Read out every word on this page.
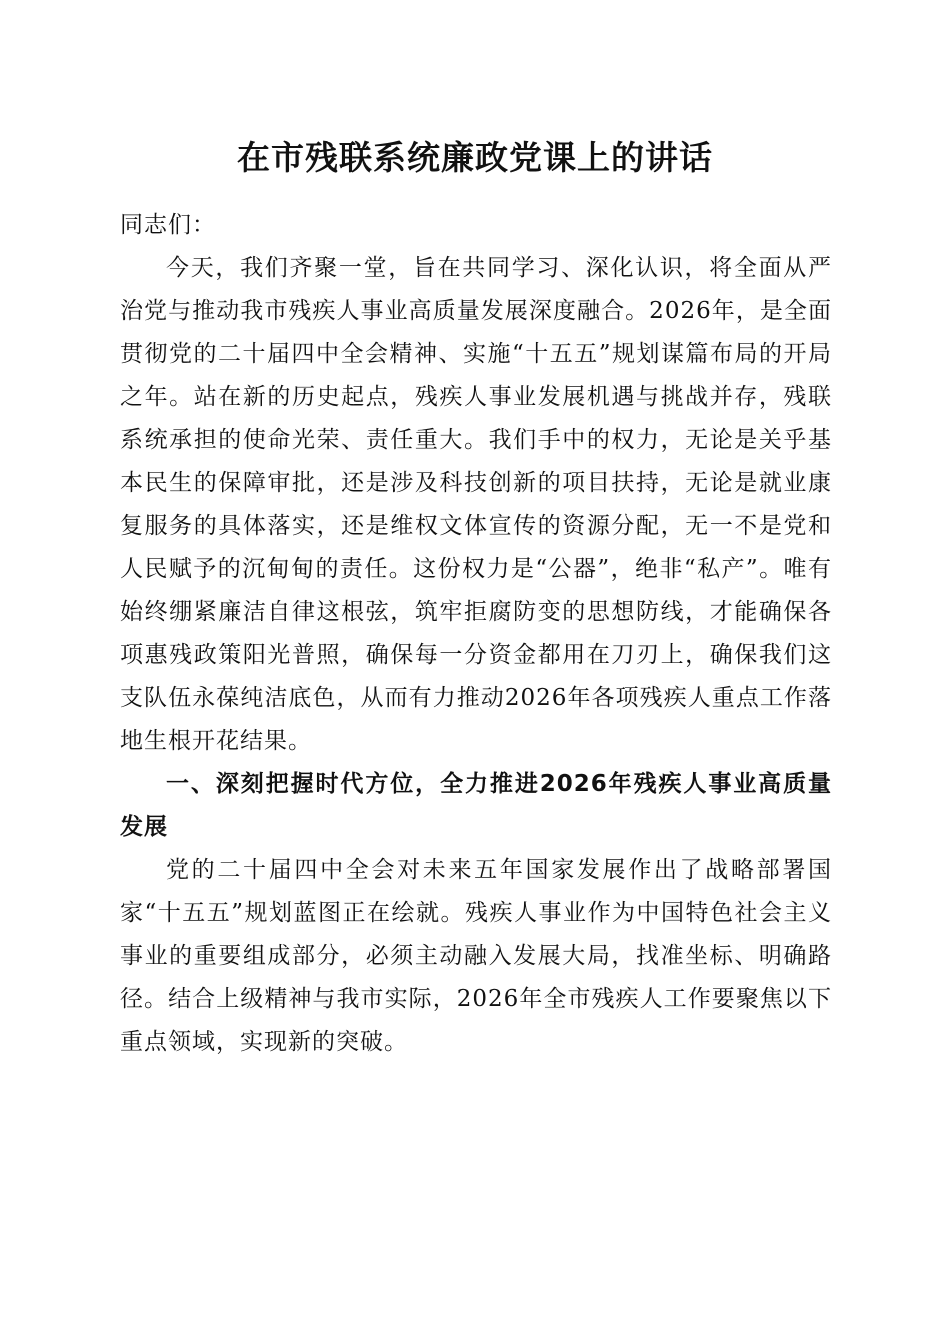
在市残联系统廉政党课上的讲话

同志们：

今天，我们齐聚一堂，旨在共同学习、深化认识，将全面从严治党与推动我市残疾人事业高质量发展深度融合。2026年，是全面贯彻党的二十届四中全会精神、实施“十五五”规划谋篇布局的开局之年。站在新的历史起点，残疾人事业发展机遇与挑战并存，残联系统承担的使命光荣、责任重大。我们手中的权力，无论是关乎基本民生的保障审批，还是涉及科技创新的项目扶持，无论是就业康复服务的具体落实，还是维权文体宣传的资源分配，无一不是党和人民赋予的沉甸甸的责任。这份权力是“公器”，绝非“私产”。唯有始终绷紧廉洁自律这根弦，筑牢拒腐防变的思想防线，才能确保各项惠残政策阳光普照，确保每一分资金都用在刀刃上，确保我们这支队伍永葆纯洁底色，从而有力推动2026年各项残疾人重点工作落地生根开花结果。

一、深刻把握时代方位，全力推进2026年残疾人事业高质量发展

党的二十届四中全会对未来五年国家发展作出了战略部署国家“十五五”规划蓝图正在绘就。残疾人事业作为中国特色社会主义事业的重要组成部分，必须主动融入发展大局，找准坐标、明确路径。结合上级精神与我市实际，2026年全市残疾人工作要聚焦以下重点领域，实现新的突破。
